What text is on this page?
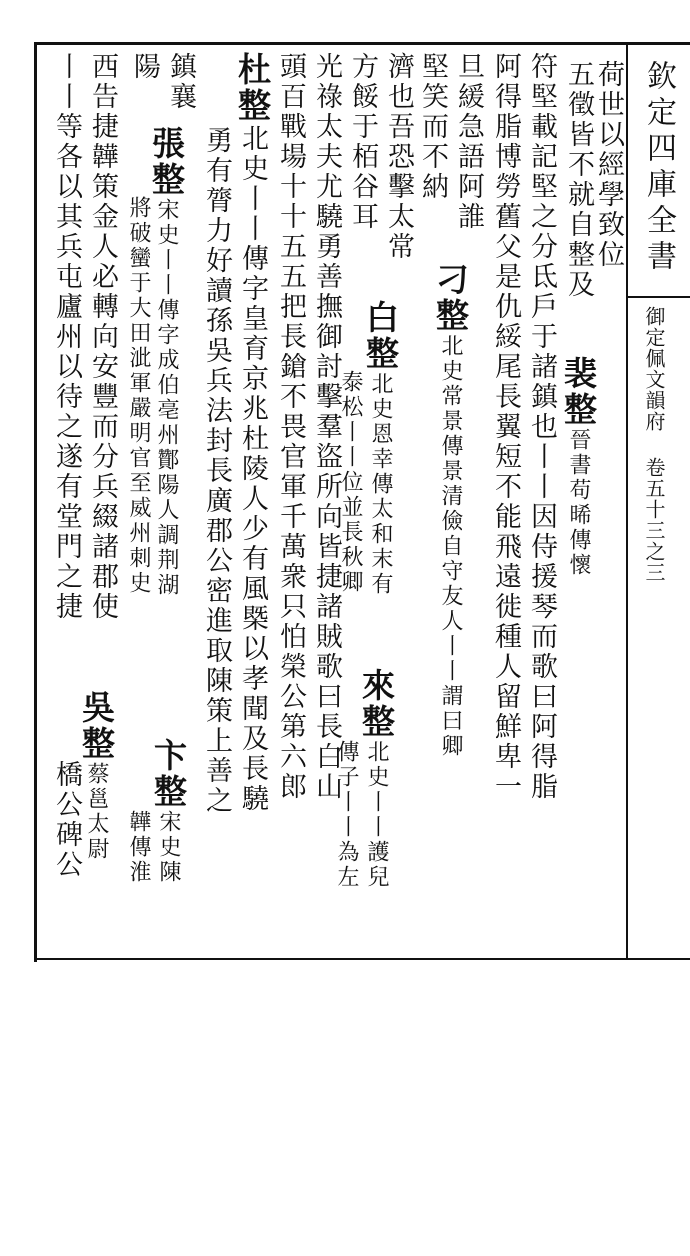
欽定四庫全書
御定佩文韻府 卷五十三之三
荷世以經學致位
五徵皆不就自整及
裴整晉書苟晞傳懷
符堅載記堅之分氐戶于諸鎮也丨丨因侍援琴而歌曰阿得脂
阿得脂博勞舊父是仇綏尾長翼短不能飛遠徙種人留鮮卑一
旦緩急語阿誰
刁整北史常景傳景清儉自守友人丨丨謂曰卿
堅笑而不納
濟也吾恐擊太常
方餒于栢谷耳
白整北史恩幸傳太和末有
泰松丨丨位並長秋卿
來整北史丨丨護兒
傳子丨丨為左
光祿太夫尤驍勇善撫御討擊羣盜所向皆捷諸賊歌曰長白山
頭百戰場十十五五把長鎗不畏官軍千萬衆只怕榮公第六郎
杜整北史丨丨傳字皇育京兆杜陵人少有風槩以孝聞及長驍
勇有膂力好讀孫吳兵法封長廣郡公密進取陳策上善之
鎮襄
陽
張整宋史丨丨傳字成伯亳州酇陽人調荆湖
將破蠻于大田泚軍嚴明官至威州刺史
卞整宋史陳
韡傳淮
西告捷韡策金人必轉向安豐而分兵綴諸郡使
吳整蔡邕太尉
丨丨等各以其兵屯廬州以待之遂有堂門之捷
橋公碑公
